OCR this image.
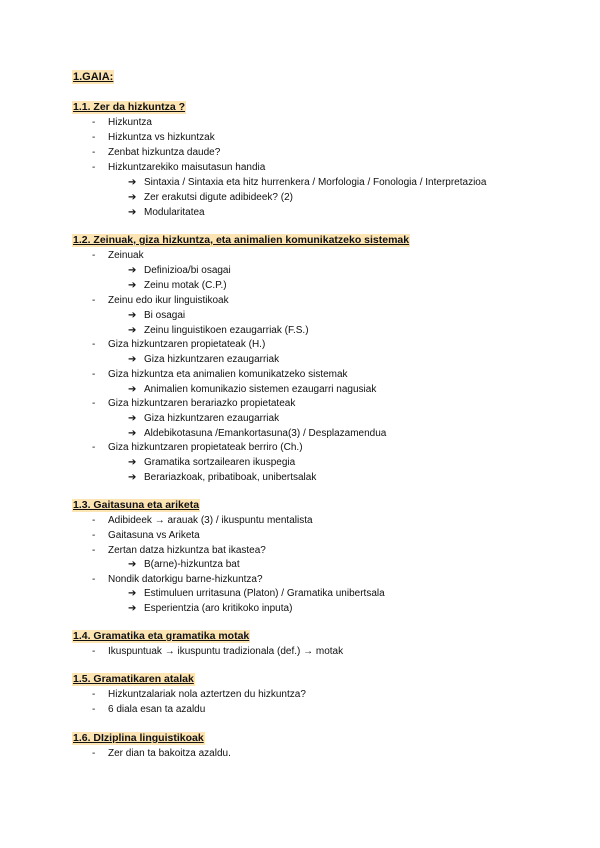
1.GAIA:
1.1. Zer da hizkuntza ?
- Hizkuntza
- Hizkuntza vs hizkuntzak
- Zenbat hizkuntza daude?
- Hizkuntzarekiko maisutasun handia
➔ Sintaxia / Sintaxia eta hitz hurrenkera / Morfologia / Fonologia / Interpretazioa
➔ Zer erakutsi digute adibideek? (2)
➔ Modularitatea
1.2. Zeinuak, giza hizkuntza, eta animalien komunikatzeko sistemak
- Zeinuak
➔ Definizioa/bi osagai
➔ Zeinu motak (C.P.)
- Zeinu edo ikur linguistikoak
➔ Bi osagai
➔ Zeinu linguistikoen ezaugarriak (F.S.)
- Giza hizkuntzaren propietateak (H.)
➔ Giza hizkuntzaren ezaugarriak
- Giza hizkuntza eta animalien komunikatzeko sistemak
➔ Animalien komunikazio sistemen ezaugarri nagusiak
- Giza hizkuntzaren berariazko propietateak
➔ Giza hizkuntzaren ezaugarriak
➔ Aldebikotasuna /Emankortasuna(3) / Desplazamendua
- Giza hizkuntzaren propietateak berriro (Ch.)
➔ Gramatika sortzailearen ikuspegia
➔ Berariazkoak, pribatiboak, unibertsalak
1.3. Gaitasuna eta ariketa
- Adibideek → arauak (3) / ikuspuntu mentalista
- Gaitasuna vs Ariketa
- Zertan datza hizkuntza bat ikastea?
➔ B(arne)-hizkuntza bat
- Nondik datorkigu barne-hizkuntza?
➔ Estimuluen urritasuna (Platon) / Gramatika unibertsala
➔ Esperientzia (aro kritikoko inputa)
1.4. Gramatika eta gramatika motak
- Ikuspuntuak → ikuspuntu tradizionala (def.) → motak
1.5. Gramatikaren atalak
- Hizkuntzalariak nola aztertzen du hizkuntza?
- 6 diala esan ta azaldu
1.6. DIziplina linguistikoak
- Zer dian ta bakoitza azaldu.
